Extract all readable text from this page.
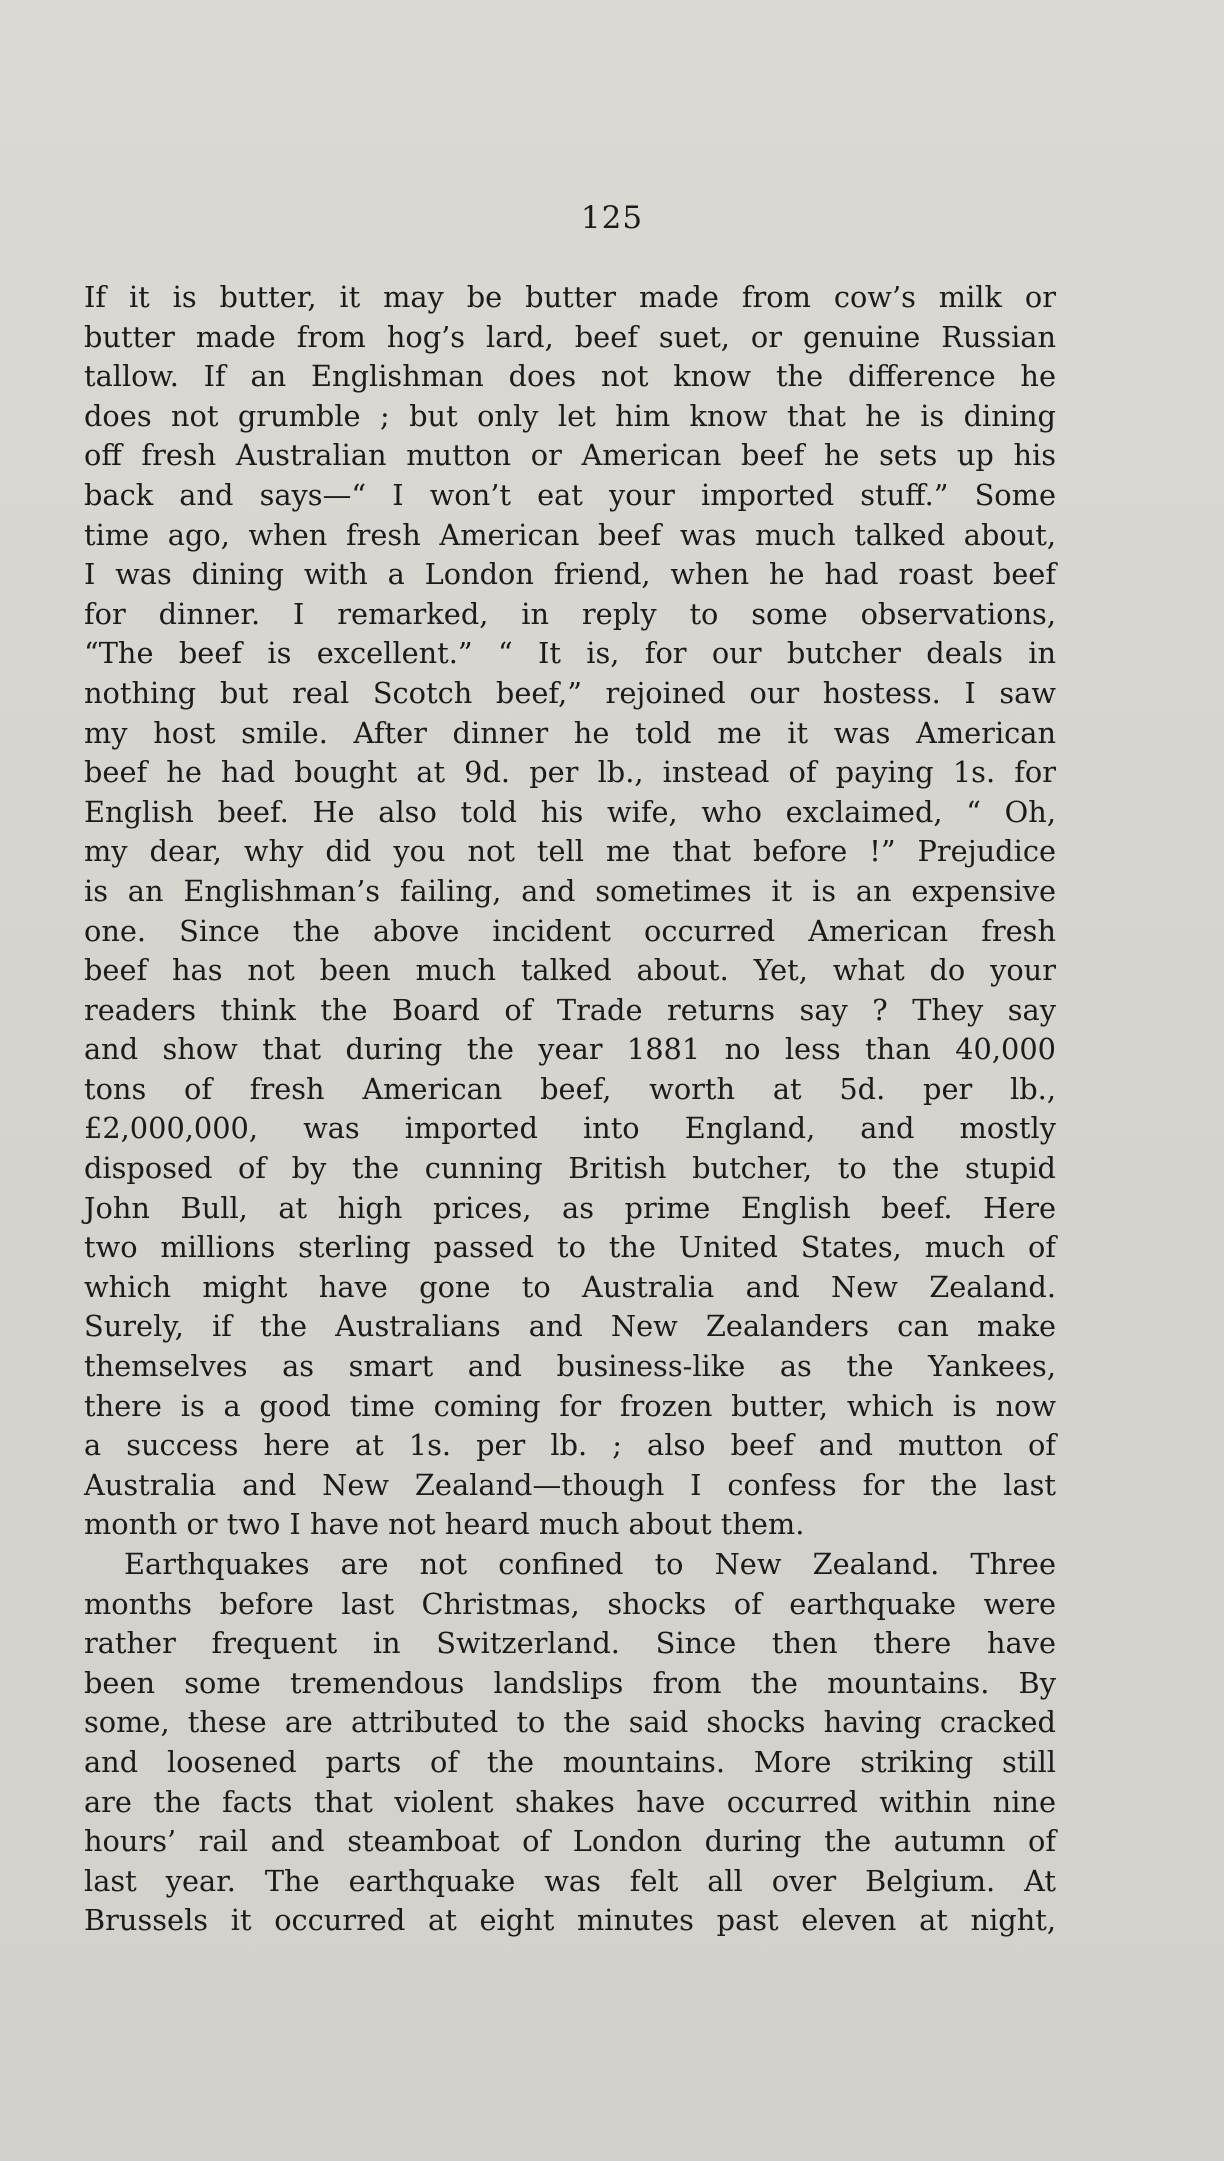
125
If it is butter, it may be butter made from cow’s milk or
butter made from hog’s lard, beef suet, or genuine Russian
tallow. If an Englishman does not know the difference he
does not grumble ; but only let him know that he is dining
off fresh Australian mutton or American beef he sets up his
back and says—“ I won’t eat your imported stuff.” Some
time ago, when fresh American beef was much talked about,
I was dining with a London friend, when he had roast beef
for dinner. I remarked, in reply to some observations,
“The beef is excellent.” “ It is, for our butcher deals in
nothing but real Scotch beef,” rejoined our hostess. I saw
my host smile. After dinner he told me it was American
beef he had bought at 9d. per lb., instead of paying 1s. for
English beef. He also told his wife, who exclaimed, “ Oh,
my dear, why did you not tell me that before !” Prejudice
is an Englishman’s failing, and sometimes it is an expensive
one. Since the above incident occurred American fresh
beef has not been much talked about. Yet, what do your
readers think the Board of Trade returns say ? They say
and show that during the year 1881 no less than 40,000
tons of fresh American beef, worth at 5d. per lb.,
£2,000,000, was imported into England, and mostly
disposed of by the cunning British butcher, to the stupid
John Bull, at high prices, as prime English beef. Here
two millions sterling passed to the United States, much of
which might have gone to Australia and New Zealand.
Surely, if the Australians and New Zealanders can make
themselves as smart and business-like as the Yankees,
there is a good time coming for frozen butter, which is now
a success here at 1s. per lb. ; also beef and mutton of
Australia and New Zealand—though I confess for the last
month or two I have not heard much about them.
Earthquakes are not confined to New Zealand. Three
months before last Christmas, shocks of earthquake were
rather frequent in Switzerland. Since then there have
been some tremendous landslips from the mountains. By
some, these are attributed to the said shocks having cracked
and loosened parts of the mountains. More striking still
are the facts that violent shakes have occurred within nine
hours’ rail and steamboat of London during the autumn of
last year. The earthquake was felt all over Belgium. At
Brussels it occurred at eight minutes past eleven at night,
